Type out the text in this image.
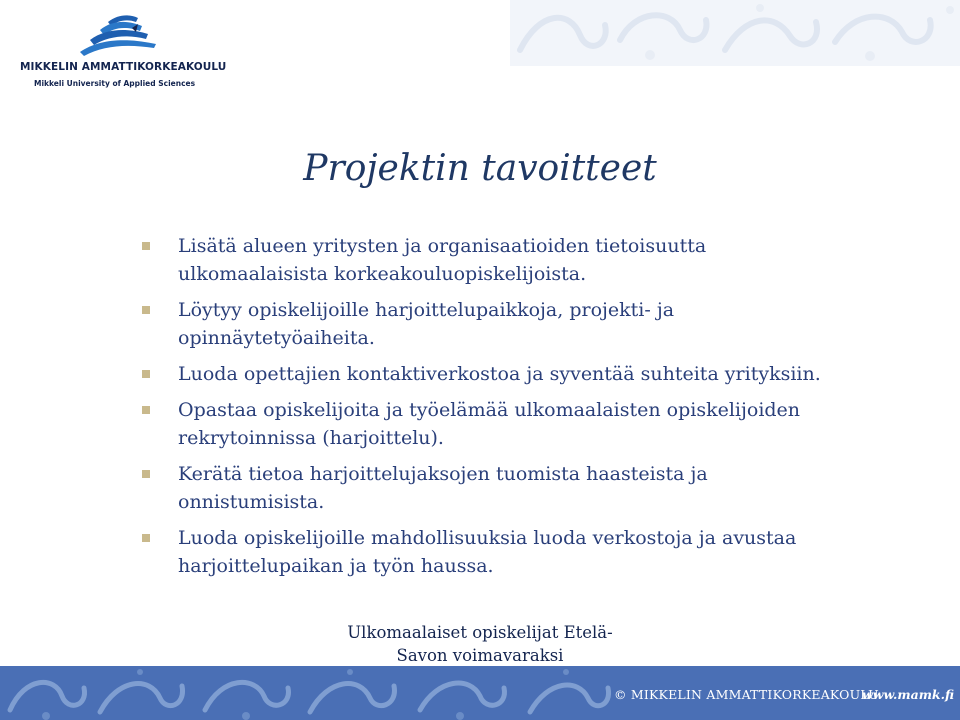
MIKKELIN AMMATTIKORKEAKOULU
Mikkeli University of Applied Sciences
Projektin tavoitteet
Lisätä alueen yritysten ja organisaatioiden tietoisuutta ulkomaalaisista korkeakouluopiskelijoista.
Löytyy opiskelijoille harjoittelupaikkoja, projekti- ja opinnäytetyöaiheita.
Luoda opettajien kontaktiverkostoa ja syventää suhteita yrityksiin.
Opastaa opiskelijoita ja työelämää ulkomaalaisten opiskelijoiden rekrytoinnissa (harjoittelu).
Kerätä tietoa harjoittelujaksojen tuomista haasteista ja onnistumisista.
Luoda opiskelijoille mahdollisuuksia luoda verkostoja ja avustaa harjoittelupaikan ja työn haussa.
Ulkomaalaiset opiskelijat Etelä-
Savon voimavaraksi
© MIKKELIN AMMATTIKORKEAKOULU
www.mamk.fi
